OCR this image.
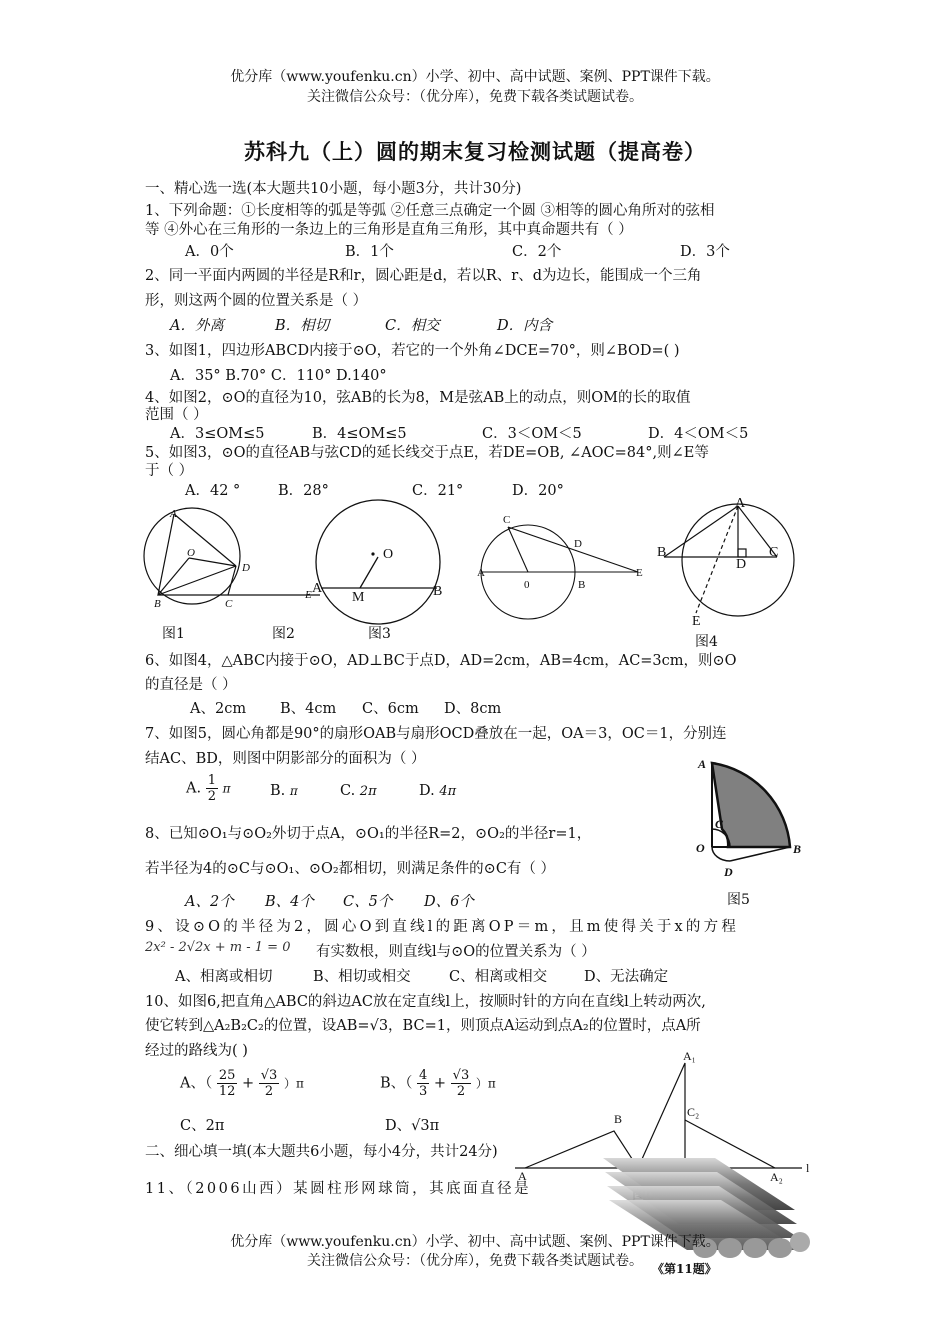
优分库（www.youfenku.cn）小学、初中、高中试题、案例、PPT课件下载。
关注微信公众号：（优分库），免费下载各类试题试卷。
苏科九（上）圆的期末复习检测试题（提高卷）
一、精心选一选(本大题共10小题，每小题3分，共计30分)
1、下列命题：①长度相等的弧是等弧 ②任意三点确定一个圆 ③相等的圆心角所对的弦相
等 ④外心在三角形的一条边上的三角形是直角三角形，其中真命题共有（ ）
A．0个	B．1个	C．2个	D．3个
2、同一平面内两圆的半径是R和r，圆心距是d，若以R、r、d为边长，能围成一个三角
形，则这两个圆的位置关系是（ ）
A．外离	B．相切	C．相交	D．内含
3、如图1，四边形ABCD内接于⊙O，若它的一个外角∠DCE=70°，则∠BOD=( )
A．35° B.70° C．110° D.140°
4、如图2，⊙O的直径为10，弦AB的长为8，M是弦AB上的动点，则OM的长的取值
范围（ ）
A．3≤OM≤5	B．4≤OM≤5	C．3＜OM＜5	D．4＜OM＜5
5、如图3，⊙O的直径AB与弦CD的延长线交于点E，若DE=OB, ∠AOC=84°,则∠E等
于（ ）
A．42 °	B．28°	C．21°	D．20°
A
O
D
B	C
E
O
A	B
M
C
D
A
0	B
E
A
B	C
D
E
图1	图2	图3	图4
6、如图4，△ABC内接于⊙O，AD⊥BC于点D，AD=2cm，AB=4cm，AC=3cm，则⊙O
的直径是（ ）
A、2cm B、4cm C、6cm D、8cm
7、如图5，圆心角都是90°的扇形OAB与扇形OCD叠放在一起，OA＝3，OC＝1，分别连
结AC、BD，则图中阴影部分的面积为（ ）
A. $\frac{1}{2}$ π	B. π	C. 2π	D. 4π
A
C
O	B
D
图5
8、已知⊙O₁与⊙O₂外切于点A，⊙O₁的半径R=2，⊙O₂的半径r=1，
若半径为4的⊙C与⊙O₁、⊙O₂都相切，则满足条件的⊙C有（ ）
A、2个 B、4个 C、5个 D、6个
9、设⊙O的半径为2，圆心O到直线l的距离OP＝m，且m使得关于x的方程
2x² - 2√2x + m - 1 = 0 有实数根，则直线l与⊙O的位置关系为（ ）
A、相离或相切	B、相切或相交	C、相离或相交	D、无法确定
10、如图6,把直角△ABC的斜边AC放在定直线l上，按顺时针的方向在直线l上转动两次,
使它转到△A₂B₂C₂的位置，设AB=√3，BC=1，则顶点A运动到点A₂的位置时，点A所
经过的路线为( )
A、（ $\frac{25}{12} + \frac{√3}{2} )\pi$	B、（ $\frac{4}{3} + \frac{√3}{2} )\pi$
C、2π	D、√3π
A₁
B	C₂
A	A₂
l
二、细心填一填(本大题共6小题，每小4分，共计24分)
11、（2006山西）某圆柱形网球筒，其底面直径是
优分库（www.youfenku.cn）小学、初中、高中试题、案例、PPT课件下载。
关注微信公众号：（优分库），免费下载各类试题试卷。 《第11题》
